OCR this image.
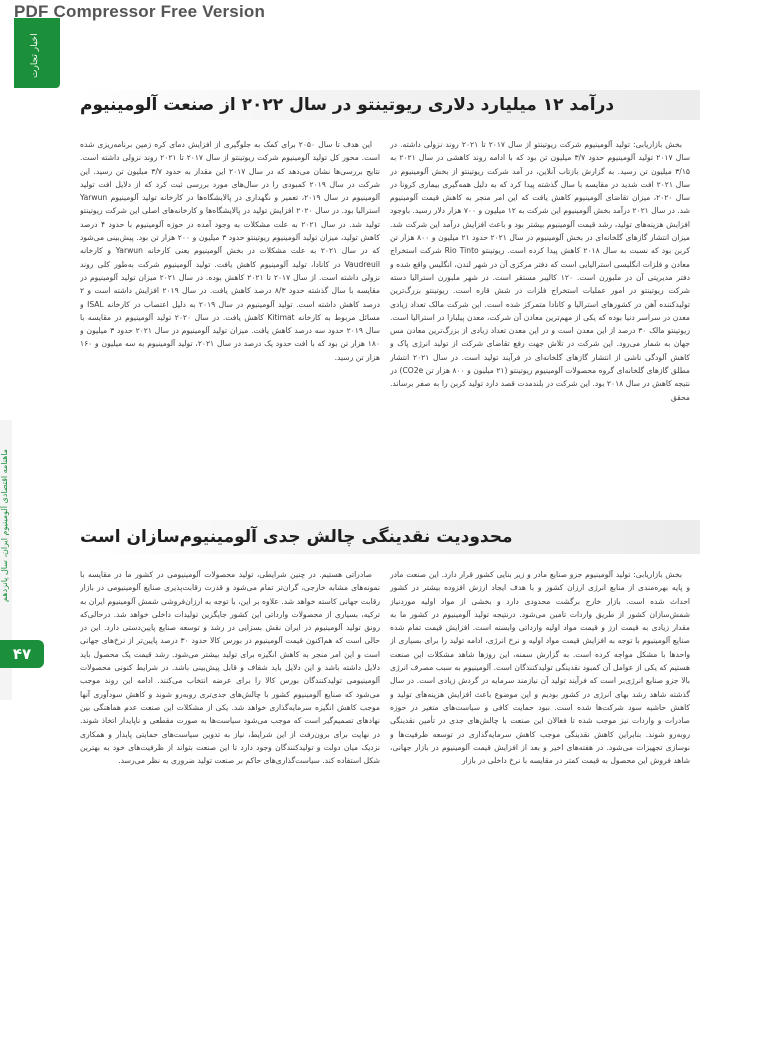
PDF Compressor Free Version
اخبار تجارت
درآمد ۱۲ میلیارد دلاری ریوتینتو در سال ۲۰۲۲ از صنعت آلومینیوم

بخش بازاریابی: تولید آلومینیوم شرکت ریوتینتو از سال ۲۰۱۷ تا ۲۰۲۱ روند نزولی داشته. در سال ۲۰۱۷ تولید آلومینیوم حدود ۳/۷ میلیون تن بود که با ادامه روند کاهشی در سال ۲۰۲۱ به ۳/۱۵ میلیون تن رسید. به گزارش بازتاب آنلاین، در آمد شرکت ریوتینتو از بخش آلومینیوم در سال ۲۰۲۱ افت شدید در مقایسه با سال گذشته پیدا کرد که به دلیل همه‌گیری بیماری کرونا در سال ۲۰۲۰، میزان تقاضای آلومینیوم کاهش یافت که این امر منجر به کاهش قیمت آلومینیوم شد. در سال ۲۰۲۱ درآمد بخش آلومینیوم این شرکت به ۱۲ میلیون و ۷۰۰ هزار دلار رسید. باوجود افزایش هزینه‌های تولید، رشد قیمت آلومینیوم بیشتر بود و باعث افزایش درآمد این شرکت شد. میزان انتشار گازهای گلخانه‌ای در بخش آلومینیوم در سال ۲۰۲۱ حدود ۲۱ میلیون و ۸۰۰ هزار تن کربن بود که نسبت به سال ۲۰۱۸ کاهش پیدا کرده است. ریوتینتو Rio Tinto شرکت استخراج معادن و فلزات انگلیسی استرالیایی است که دفتر مرکزی آن در شهر لندن، انگلیس واقع شده و دفتر مدیریتی آن در ملبورن است. ۱۲۰ کالیبر مستقر است. در شهر ملبورن استرالیا دسته شرکت ریوتینتو در امور عملیات استخراج فلزات در شش قاره است. ریوتینتو بزرگ‌ترین تولیدکننده آهن در کشورهای استرالیا و کانادا متمرکز شده است. این شرکت مالک تعداد زیادی معدن در سراسر دنیا بوده که یکی از مهم‌ترین معادن آن شرکت، معدن پیلبارا در استرالیا است. ریوتینتو مالک ۳۰ درصد از این معدن است و در این معدن تعداد زیادی از بزرگ‌ترین معادن مس جهان به شمار می‌رود. این شرکت در تلاش جهت رفع تقاضای شرکت از تولید انرژی پاک و کاهش آلودگی ناشی از انتشار گازهای گلخانه‌ای در فرآیند تولید است. در سال ۲۰۲۱ انتشار مطلق گازهای گلخانه‌ای گروه محصولات آلومینیوم ریوتینتو (۲۱ میلیون و ۸۰۰ هزار تن CO2e) در نتیجه کاهش در سال ۲۰۱۸ بود. این شرکت در بلندمدت قصد دارد تولید کربن را به صفر برساند. محقق

این هدف تا سال ۲۰۵۰ برای کمک به جلوگیری از افزایش دمای کره زمین برنامه‌ریزی شده است. محور کل تولید آلومینیوم شرکت ریوتینتو از سال ۲۰۱۷ تا ۲۰۲۱ روند نزولی داشته است. نتایج بررسی‌ها نشان می‌دهد که در سال ۲۰۱۷ این مقدار به حدود ۳/۷ میلیون تن رسید. این شرکت در سال ۲۰۱۹ کمبودی را در سال‌های مورد بررسی ثبت کرد که از دلایل افت تولید آلومینیوم در سال ۲۰۱۹، تعمیر و نگهداری در پالایشگاه‌ها در کارخانه تولید آلومینیوم Yarwun استرالیا بود. در سال ۲۰۲۰ افزایش تولید در پالایشگاه‌ها و کارخانه‌های اصلی این شرکت ریوتینتو تولید شد. در سال ۲۰۲۱ به علت مشکلات به وجود آمده در حوزه آلومینیوم با حدود ۴ درصد کاهش تولید، میزان تولید آلومینیوم ریوتینتو حدود ۳ میلیون و ۲۰۰ هزار تن بود. پیش‌بینی می‌شود که در سال ۲۰۲۱ به علت مشکلات در بخش آلومینیوم یعنی کارخانه Yarwun و کارخانه Vaudreuil در کانادا، تولید آلومینیوم کاهش یافت. تولید آلومینیوم شرکت به‌طور کلی روند نزولی داشته است. از سال ۲۰۱۷ تا ۲۰۲۱ کاهش بوده. در سال ۲۰۲۱ میزان تولید آلومینیوم در مقایسه با سال گذشته حدود ۸/۳ درصد کاهش یافت. در سال ۲۰۱۹ افزایش داشته است و ۲ درصد کاهش داشته است. تولید آلومینیوم در سال ۲۰۱۹ به دلیل اعتصاب در کارخانه ISAL و مسائل مربوط به کارخانه Kitimat کاهش یافت. در سال ۲۰۲۰ تولید آلومینیوم در مقایسه با سال ۲۰۱۹ حدود سه درصد کاهش یافت. میزان تولید آلومینیوم در سال ۲۰۲۱ حدود ۳ میلیون و ۱۸۰ هزار تن بود که با افت حدود یک درصد در سال ۲۰۲۱، تولید آلومینیوم به سه میلیون و ۱۶۰ هزار تن رسید.

محدودیت نقدینگی چالش جدی آلومینیوم‌سازان است

بخش بازاریابی: تولید آلومینیوم جزو صنایع مادر و زیر بنایی کشور قرار دارد. این صنعت مادر و پایه بهره‌مندی از منابع انرژی ارزان کشور و با هدف ایجاد ارزش افزوده بیشتر در کشور احداث شده است. بازار خارج برگشت محدودی دارد و بخشی از مواد اولیه موردنیاز شمش‌سازان کشور از طریق واردات تامین می‌شود. درنتیجه تولید آلومینیوم در کشور ما به مقدار زیادی به قیمت ارز و قیمت مواد اولیه وارداتی وابسته است. افزایش قیمت تمام شده صنایع آلومینیوم با توجه به افزایش قیمت مواد اولیه و نرخ انرژی، ادامه تولید را برای بسیاری از واحدها با مشکل مواجه کرده است. به گزارش سمنه، این روزها شاهد مشکلات این صنعت هستیم که یکی از عوامل آن کمبود نقدینگی تولیدکنندگان است. آلومینیوم به سبب مصرف انرژی بالا جزو صنایع انرژی‌بر است که فرآیند تولید آن نیازمند سرمایه در گردش زیادی است. در سال گذشته شاهد رشد بهای انرژی در کشور بودیم و این موضوع باعث افزایش هزینه‌های تولید و کاهش حاشیه سود شرکت‌ها شده است. نبود حمایت کافی و سیاست‌های متغیر در حوزه صادرات و واردات نیز موجب شده تا فعالان این صنعت با چالش‌های جدی در تأمین نقدینگی روبه‌رو شوند. بنابراین کاهش نقدینگی موجب کاهش سرمایه‌گذاری در توسعه ظرفیت‌ها و نوسازی تجهیزات می‌شود. در هفته‌های اخیر و بعد از افزایش قیمت آلومینیوم در بازار جهانی، شاهد فروش این محصول به قیمت کمتر در مقایسه با نرخ داخلی در بازار

صادراتی هستیم. در چنین شرایطی، تولید محصولات آلومینیومی در کشور ما در مقایسه با نمونه‌های مشابه خارجی، گران‌تر تمام می‌شود و قدرت رقابت‌پذیری صنایع آلومینیومی در بازار رقابت جهانی کاسته خواهد شد. علاوه بر این، با توجه به ارزان‌فروشی شمش آلومینیوم ایران به ترکیه، بسیاری از محصولات وارداتی این کشور جایگزین تولیدات داخلی خواهد شد. درحالی‌که رونق تولید آلومینیوم در ایران نقش بسزایی در رشد و توسعه صنایع پایین‌دستی دارد. این در حالی است که هم‌اکنون قیمت آلومینیوم در بورس کالا حدود ۳۰ درصد پایین‌تر از نرخ‌های جهانی است و این امر منجر به کاهش انگیزه برای تولید بیشتر می‌شود. رشد قیمت یک محصول باید دلایل داشته باشد و این دلایل باید شفاف و قابل پیش‌بینی باشد. در شرایط کنونی محصولات آلومینیومی تولیدکنندگان بورس کالا را برای عرضه انتخاب می‌کنند. ادامه این روند موجب می‌شود که صنایع آلومینیوم کشور با چالش‌های جدی‌تری روبه‌رو شوند و کاهش سودآوری آنها موجب کاهش انگیزه سرمایه‌گذاری خواهد شد. یکی از مشکلات این صنعت عدم هماهنگی بین نهادهای تصمیم‌گیر است که موجب می‌شود سیاست‌ها به صورت مقطعی و ناپایدار اتخاذ شوند. در نهایت برای برون‌رفت از این شرایط، نیاز به تدوین سیاست‌های حمایتی پایدار و همکاری نزدیک میان دولت و تولیدکنندگان وجود دارد تا این صنعت بتواند از ظرفیت‌های خود به بهترین شکل استفاده کند. سیاست‌گذاری‌های حاکم بر صنعت تولید ضروری به نظر می‌رسد.

ماهنامه اقتصادی آلومینیوم ایران، سال پانزدهم
۴۷
